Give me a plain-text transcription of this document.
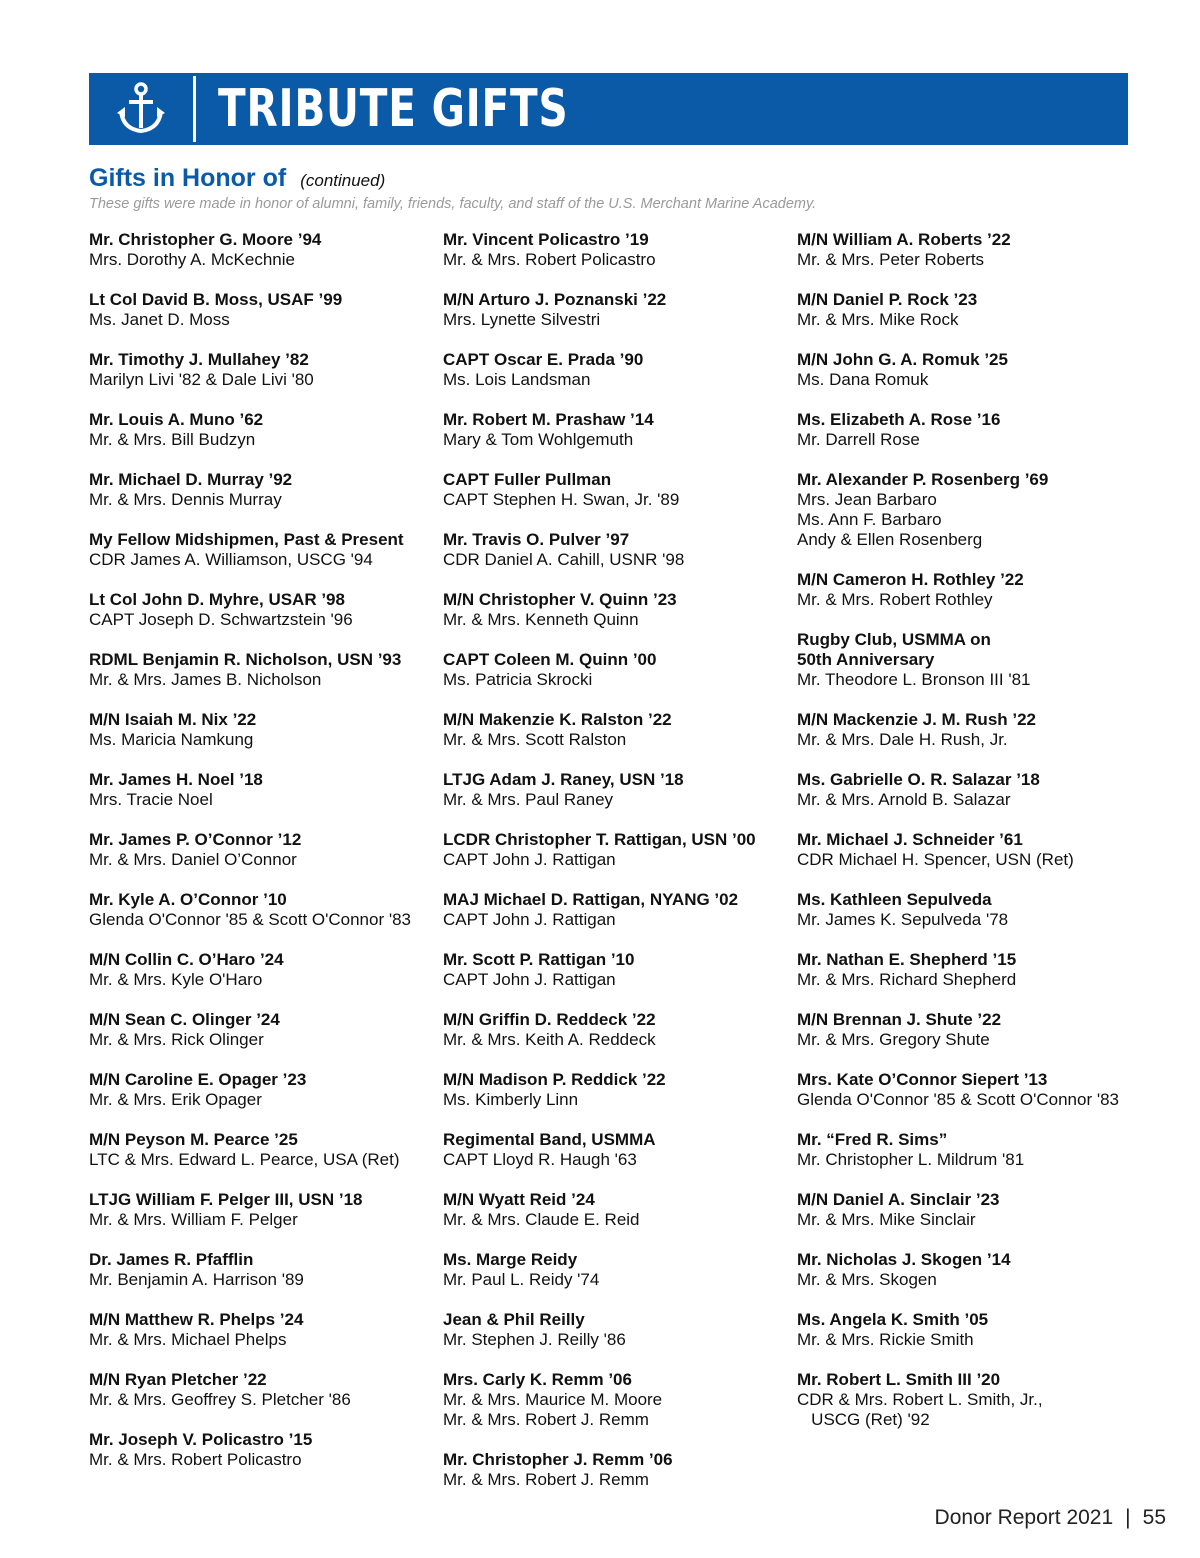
TRIBUTE GIFTS
Gifts in Honor of (continued)
These gifts were made in honor of alumni, family, friends, faculty, and staff of the U.S. Merchant Marine Academy.
Mr. Christopher G. Moore ’94
Mrs. Dorothy A. McKechnie
Lt Col David B. Moss, USAF ’99
Ms. Janet D. Moss
Mr. Timothy J. Mullahey ’82
Marilyn Livi '82 & Dale Livi '80
Mr. Louis A. Muno ’62
Mr. & Mrs. Bill Budzyn
Mr. Michael D. Murray ’92
Mr. & Mrs. Dennis Murray
My Fellow Midshipmen, Past & Present
CDR James A. Williamson, USCG '94
Lt Col John D. Myhre, USAR ’98
CAPT Joseph D. Schwartzstein '96
RDML Benjamin R. Nicholson, USN ’93
Mr. & Mrs. James B. Nicholson
M/N Isaiah M. Nix ’22
Ms. Maricia Namkung
Mr. James H. Noel ’18
Mrs. Tracie Noel
Mr. James P. O’Connor ’12
Mr. & Mrs. Daniel O’Connor
Mr. Kyle A. O’Connor ’10
Glenda O'Connor '85 & Scott O'Connor '83
M/N Collin C. O’Haro ’24
Mr. & Mrs. Kyle O'Haro
M/N Sean C. Olinger ’24
Mr. & Mrs. Rick Olinger
M/N Caroline E. Opager ’23
Mr. & Mrs. Erik Opager
M/N Peyson M. Pearce ’25
LTC & Mrs. Edward L. Pearce, USA (Ret)
LTJG William F. Pelger III, USN ’18
Mr. & Mrs. William F. Pelger
Dr. James R. Pfafflin
Mr. Benjamin A. Harrison '89
M/N Matthew R. Phelps ’24
Mr. & Mrs. Michael Phelps
M/N Ryan Pletcher ’22
Mr. & Mrs. Geoffrey S. Pletcher '86
Mr. Joseph V. Policastro ’15
Mr. & Mrs. Robert Policastro
Mr. Vincent Policastro ’19
Mr. & Mrs. Robert Policastro
M/N Arturo J. Poznanski ’22
Mrs. Lynette Silvestri
CAPT Oscar E. Prada ’90
Ms. Lois Landsman
Mr. Robert M. Prashaw ’14
Mary & Tom Wohlgemuth
CAPT Fuller Pullman
CAPT Stephen H. Swan, Jr. '89
Mr. Travis O. Pulver ’97
CDR Daniel A. Cahill, USNR '98
M/N Christopher V. Quinn ’23
Mr. & Mrs. Kenneth Quinn
CAPT Coleen M. Quinn ’00
Ms. Patricia Skrocki
M/N Makenzie K. Ralston ’22
Mr. & Mrs. Scott Ralston
LTJG Adam J. Raney, USN ’18
Mr. & Mrs. Paul Raney
LCDR Christopher T. Rattigan, USN ’00
CAPT John J. Rattigan
MAJ Michael D. Rattigan, NYANG ’02
CAPT John J. Rattigan
Mr. Scott P. Rattigan ’10
CAPT John J. Rattigan
M/N Griffin D. Reddeck ’22
Mr. & Mrs. Keith A. Reddeck
M/N Madison P. Reddick ’22
Ms. Kimberly Linn
Regimental Band, USMMA
CAPT Lloyd R. Haugh '63
M/N Wyatt Reid ’24
Mr. & Mrs. Claude E. Reid
Ms. Marge Reidy
Mr. Paul L. Reidy '74
Jean & Phil Reilly
Mr. Stephen J. Reilly '86
Mrs. Carly K. Remm ’06
Mr. & Mrs. Maurice M. Moore
Mr. & Mrs. Robert J. Remm
Mr. Christopher J. Remm ’06
Mr. & Mrs. Robert J. Remm
M/N William A. Roberts ’22
Mr. & Mrs. Peter Roberts
M/N Daniel P. Rock ’23
Mr. & Mrs. Mike Rock
M/N John G. A. Romuk ’25
Ms. Dana Romuk
Ms. Elizabeth A. Rose ’16
Mr. Darrell Rose
Mr. Alexander P. Rosenberg ’69
Mrs. Jean Barbaro
Ms. Ann F. Barbaro
Andy & Ellen Rosenberg
M/N Cameron H. Rothley ’22
Mr. & Mrs. Robert Rothley
Rugby Club, USMMA on
50th Anniversary
Mr. Theodore L. Bronson III '81
M/N Mackenzie J. M. Rush ’22
Mr. & Mrs. Dale H. Rush, Jr.
Ms. Gabrielle O. R. Salazar ’18
Mr. & Mrs. Arnold B. Salazar
Mr. Michael J. Schneider ’61
CDR Michael H. Spencer, USN (Ret)
Ms. Kathleen Sepulveda
Mr. James K. Sepulveda '78
Mr. Nathan E. Shepherd ’15
Mr. & Mrs. Richard Shepherd
M/N Brennan J. Shute ’22
Mr. & Mrs. Gregory Shute
Mrs. Kate O’Connor Siepert ’13
Glenda O'Connor '85 & Scott O'Connor '83
Mr. “Fred R. Sims”
Mr. Christopher L. Mildrum '81
M/N Daniel A. Sinclair ’23
Mr. & Mrs. Mike Sinclair
Mr. Nicholas J. Skogen ’14
Mr. & Mrs. Skogen
Ms. Angela K. Smith ’05
Mr. & Mrs. Rickie Smith
Mr. Robert L. Smith III ’20
CDR & Mrs. Robert L. Smith, Jr.,
USCG (Ret) '92
Donor Report 2021 | 55
